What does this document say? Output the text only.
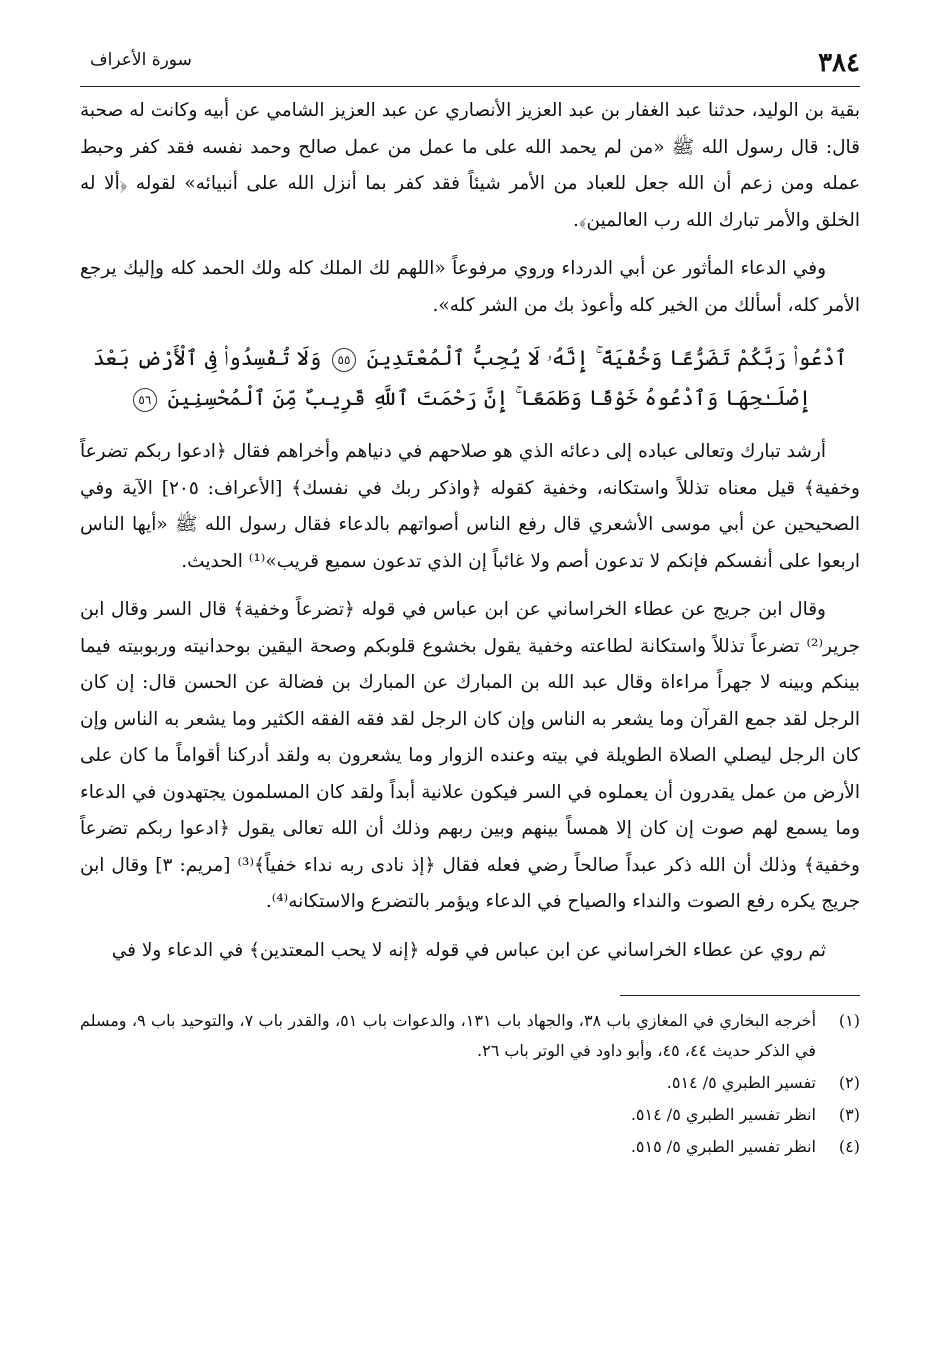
٣٨٤
سورة الأعراف

بقية بن الوليد، حدثنا عبد الغفار بن عبد العزيز الأنصاري عن عبد العزيز الشامي عن أبيه وكانت له صحبة قال: قال رسول الله ﷺ «من لم يحمد الله على ما عمل من عمل صالح وحمد نفسه فقد كفر وحبط عمله ومن زعم أن الله جعل للعباد من الأمر شيئاً فقد كفر بما أنزل الله على أنبيائه» لقوله ﴿ألا له الخلق والأمر تبارك الله رب العالمين﴾.

وفي الدعاء المأثور عن أبي الدرداء وروي مرفوعاً «اللهم لك الملك كله ولك الحمد كله وإليك يرجع الأمر كله، أسألك من الخير كله وأعوذ بك من الشر كله».

ٱدْعُوا۟ رَبَّكُمْ تَضَرُّعًا وَخُفْيَةً ۚ إِنَّهُۥ لَا يُحِبُّ ٱلْمُعْتَدِينَ ٥٥ وَلَا تُفْسِدُوا۟ فِى ٱلْأَرْضِ بَعْدَ إِصْلَـٰحِهَا وَٱدْعُوهُ خَوْفًا وَطَمَعًا ۚ إِنَّ رَحْمَتَ ٱللَّهِ قَرِيبٌ مِّنَ ٱلْمُحْسِنِينَ ٥٦

أرشد تبارك وتعالى عباده إلى دعائه الذي هو صلاحهم في دنياهم وأخراهم فقال ﴿ادعوا ربكم تضرعاً وخفية﴾ قيل معناه تذللاً واستكانه، وخفية كقوله ﴿واذكر ربك في نفسك﴾ [الأعراف: ٢٠٥] الآية وفي الصحيحين عن أبي موسى الأشعري قال رفع الناس أصواتهم بالدعاء فقال رسول الله ﷺ «أيها الناس اربعوا على أنفسكم فإنكم لا تدعون أصم ولا غائباً إن الذي تدعون سميع قريب»⁽¹⁾ الحديث.

وقال ابن جريج عن عطاء الخراساني عن ابن عباس في قوله ﴿تضرعاً وخفية﴾ قال السر وقال ابن جرير⁽²⁾ تضرعاً تذللاً واستكانة لطاعته وخفية يقول بخشوع قلوبكم وصحة اليقين بوحدانيته وربوبيته فيما بينكم وبينه لا جهراً مراءاة وقال عبد الله بن المبارك عن المبارك بن فضالة عن الحسن قال: إن كان الرجل لقد جمع القرآن وما يشعر به الناس وإن كان الرجل لقد فقه الفقه الكثير وما يشعر به الناس وإن كان الرجل ليصلي الصلاة الطويلة في بيته وعنده الزوار وما يشعرون به ولقد أدركنا أقواماً ما كان على الأرض من عمل يقدرون أن يعملوه في السر فيكون علانية أبداً ولقد كان المسلمون يجتهدون في الدعاء وما يسمع لهم صوت إن كان إلا همساً بينهم وبين ربهم وذلك أن الله تعالى يقول ﴿ادعوا ربكم تضرعاً وخفية﴾ وذلك أن الله ذكر عبداً صالحاً رضي فعله فقال ﴿إذ نادى ربه نداء خفياً﴾⁽³⁾ [مريم: ٣] وقال ابن جريج يكره رفع الصوت والنداء والصياح في الدعاء ويؤمر بالتضرع والاستكانه⁽⁴⁾.

ثم روي عن عطاء الخراساني عن ابن عباس في قوله ﴿إنه لا يحب المعتدين﴾ في الدعاء ولا في

(١)
أخرجه البخاري في المغازي باب ٣٨، والجهاد باب ١٣١، والدعوات باب ٥١، والقدر باب ٧، والتوحيد باب ٩، ومسلم في الذكر حديث ٤٤، ٤٥، وأبو داود في الوتر باب ٢٦.
(٢)
تفسير الطبري ٥/ ٥١٤.
(٣)
انظر تفسير الطبري ٥/ ٥١٤.
(٤)
انظر تفسير الطبري ٥/ ٥١٥.
